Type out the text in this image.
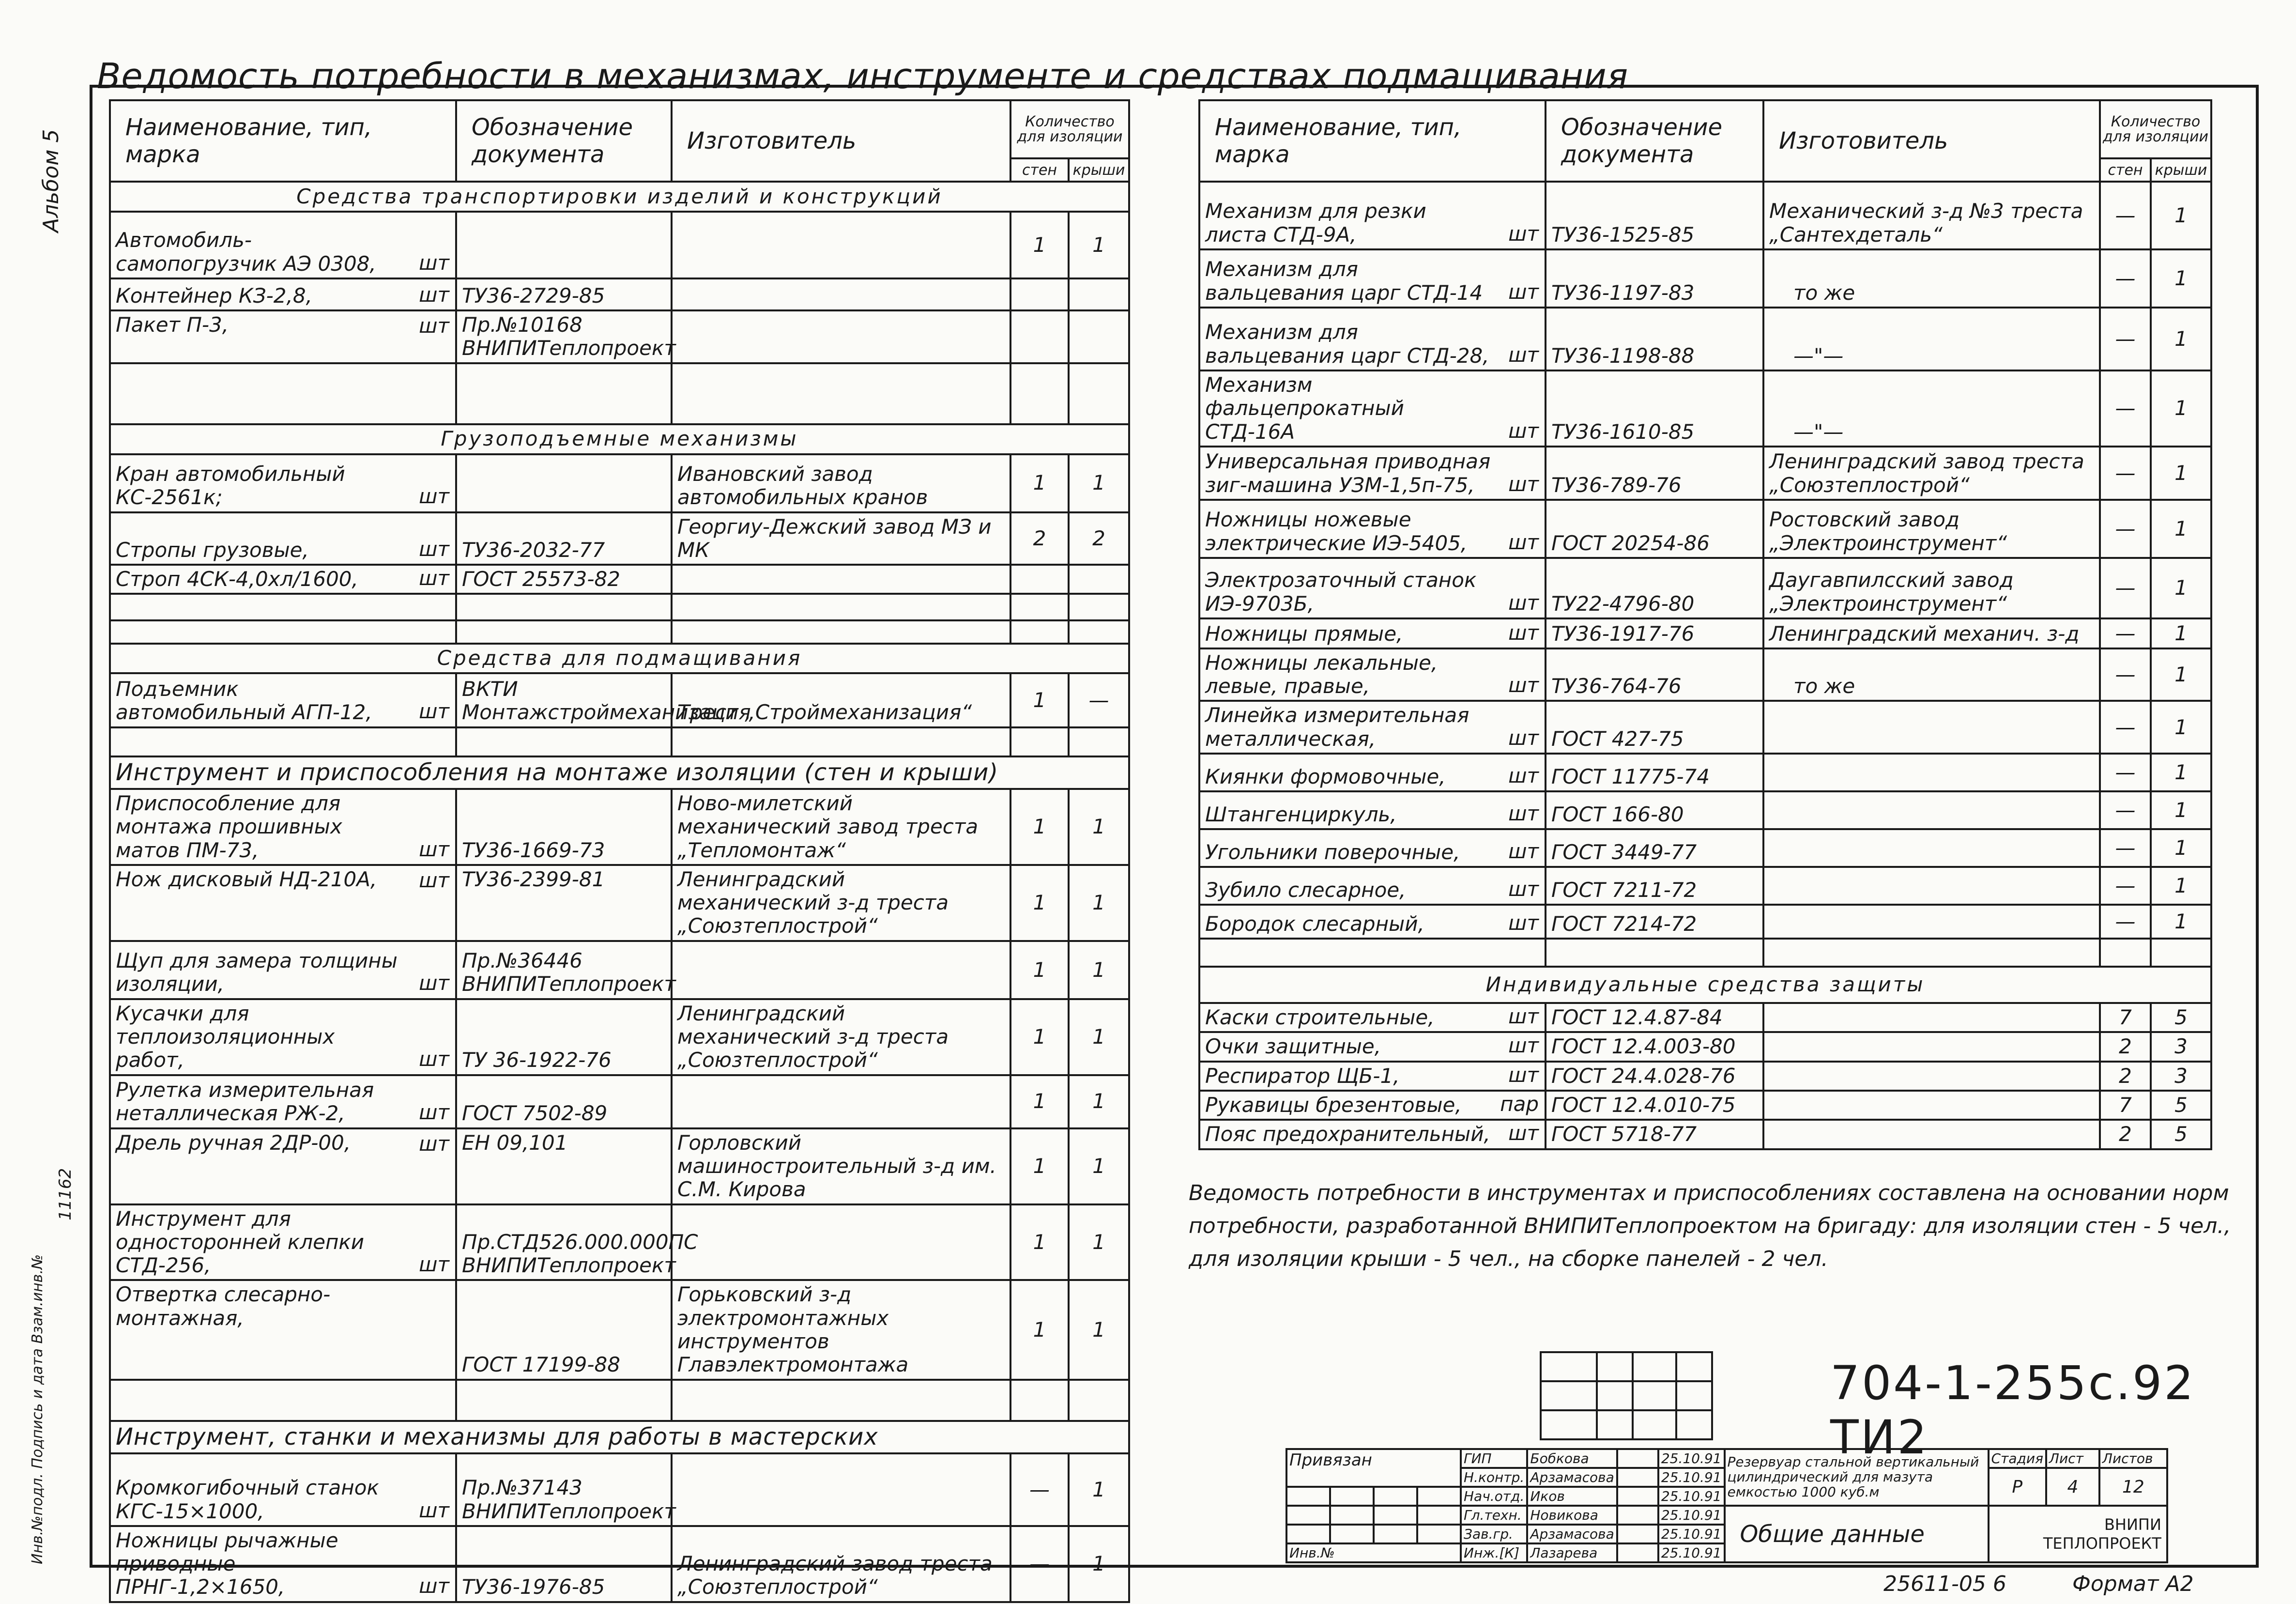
Альбом 5
11162
Инв.№подл. Подпись и дата Взам.инв.№
Ведомость потребности в механизмах, инструменте и средствах подмащивания
Наименование, тип, марка	Обозначение документа	Изготовитель	Количество для изоляции	
			стен	крыши
Средства транспортировки изделий и конструкций				
Автомобиль-самопогрузчик АЭ 0308, шт			1	1
Контейнер КЗ-2,8, шт	ТУ36-2729-85			
Пакет П-3, шт	Пр.№10168 ВНИПИТеплопроект			

Грузоподъемные механизмы				
Кран автомобильный КС-2561к; шт		Ивановский завод автомобильных кранов	1	1
Стропы грузовые, шт	ТУ36-2032-77	Георгиу-Дежский завод МЗ и МК	2	2
Строп 4СК-4,0хл/1600, шт	ГОСТ 25573-82			

Средства для подмащивания				
Подъемник автомобильный АГП-12, шт	ВКТИ Монтажстроймеханизация	Трест „Строймеханизация“	1	—

Инструмент и приспособления на монтаже изоляции (стен и крыши)				
Приспособление для монтажа прошивных матов ПМ-73, шт	ТУ36-1669-73	Ново-милетский механический завод треста „Тепломонтаж“	1	1
Нож дисковый НД-210А, шт	ТУ36-2399-81	Ленинградский механический з-д треста „Союзтеплострой“	1	1
Щуп для замера толщины изоляции, шт	Пр.№36446 ВНИПИТеплопроект		1	1
Кусачки для теплоизоляционных работ, шт	ТУ 36-1922-76	Ленинградский механический з-д треста „Союзтеплострой“	1	1
Рулетка измерительная неталлическая РЖ-2, шт	ГОСТ 7502-89		1	1
Дрель ручная 2ДР-00, шт	ЕН 09,101	Горловский машиностроительный з-д им. С.М. Кирова	1	1
Инструмент для односторонней клепки СТД-256, шт	Пр.СТД526.000.000ПС ВНИПИТеплопроект		1	1
Отвертка слесарно-монтажная,	ГОСТ 17199-88	Горьковский з-д электромонтажных инструментов Главэлектромонтажа	1	1

Инструмент, станки и механизмы для работы в мастерских				
Кромкогибочный станок КГС-15×1000, шт	Пр.№37143 ВНИПИТеплопроект		—	1
Ножницы рычажные приводные ПРНГ-1,2×1650, шт	ТУ36-1976-85	Ленинградский завод треста „Союзтеплострой“	—	1
Наименование, тип, марка	Обозначение документа	Изготовитель	Количество для изоляции	
			стен	крыши
Механизм для резки листа СТД-9А, шт	ТУ36-1525-85	Механический з-д №3 треста „Сантехдеталь“	—	1
Механизм для вальцевания царг СТД-14 шт	ТУ36-1197-83	то же	—	1
Механизм для вальцевания царг СТД-28, шт	ТУ36-1198-88	—"—	—	1
Механизм фальцепрокатный СТД-16А шт	ТУ36-1610-85	—"—	—	1
Универсальная приводная зиг-машина УЗМ-1,5п-75, шт	ТУ36-789-76	Ленинградский завод треста „Союзтеплострой“	—	1
Ножницы ножевые электрические ИЭ-5405, шт	ГОСТ 20254-86	Ростовский завод „Электроинструмент“	—	1
Электрозаточный станок ИЭ-9703Б, шт	ТУ22-4796-80	Даугавпилсский завод „Электроинструмент“	—	1
Ножницы прямые, шт	ТУ36-1917-76	Ленинградский механич. з-д	—	1
Ножницы лекальные, левые, правые, шт	ТУ36-764-76	то же	—	1
Линейка измерительная металлическая, шт	ГОСТ 427-75		—	1
Киянки формовочные, шт	ГОСТ 11775-74		—	1
Штангенциркуль, шт	ГОСТ 166-80		—	1
Угольники поверочные, шт	ГОСТ 3449-77		—	1
Зубило слесарное, шт	ГОСТ 7211-72		—	1
Бородок слесарный, шт	ГОСТ 7214-72		—	1

Индивидуальные средства защиты				
Каски строительные, шт	ГОСТ 12.4.87-84		7	5
Очки защитные, шт	ГОСТ 12.4.003-80		2	3
Респиратор ЩБ-1, шт	ГОСТ 24.4.028-76		2	3
Рукавицы брезентовые, пар	ГОСТ 12.4.010-75		7	5
Пояс предохранительный, шт	ГОСТ 5718-77		2	5
Ведомость потребности в инструментах и приспособлениях составлена на основании норм потребности, разработанной ВНИПИТеплопроектом на бригаду: для изоляции стен - 5 чел., для изоляции крыши - 5 чел., на сборке панелей - 2 чел.

704-1-255с.92 ТИ2
Привязан				ГИП	Бобкова		25.10.91	Резервуар стальной вертикальный цилиндрический для мазута емкостью 1000 куб.м	Стадия	Лист	Листов
				Н.контр.	Арзамасова		25.10.91		Р	4	12
				Нач.отд.	Иков		25.10.91				
				Гл.техн.	Новикова		25.10.91	Общие данные	ВНИПИ ТЕПЛОПРОЕКТ		
				Зав.гр.	Арзамасова		25.10.91				
Инв.№				Инж.[К]	Лазарева		25.10.91				
25611-05 6	Формат А2
